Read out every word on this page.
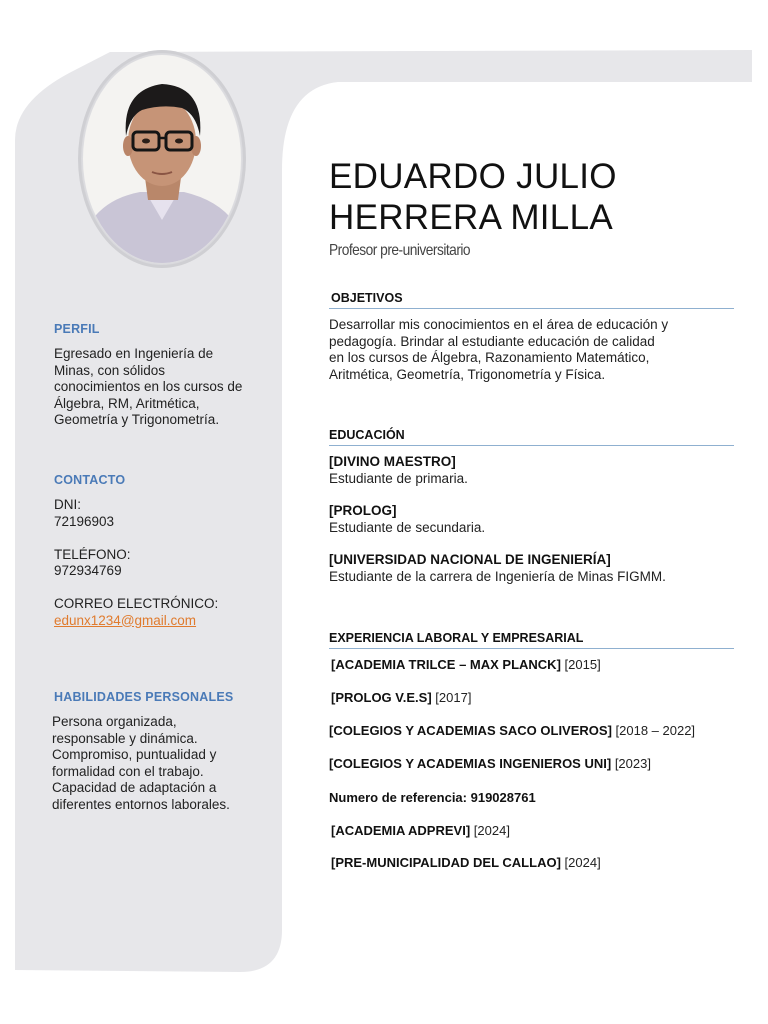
PERFIL

Egresado en Ingeniería de

Minas, con sólidos

conocimientos en los cursos de

Álgebra, RM, Aritmética,

Geometría y Trigonometría.

CONTACTO

DNI:

72196903

TELÉFONO:

972934769

CORREO ELECTRÓNICO:

edunx1234@gmail.com

HABILIDADES PERSONALES

Persona organizada,

responsable y dinámica.

Compromiso, puntualidad y

formalidad con el trabajo.

Capacidad de adaptación a

diferentes entornos laborales.

EDUARDO JULIO
HERRERA MILLA
Profesor pre-universitario
OBJETIVOS
Desarrollar mis conocimientos en el área de educación y
pedagogía. Brindar al estudiante educación de calidad
en los cursos de Álgebra, Razonamiento Matemático,
Aritmética, Geometría, Trigonometría y Física.
EDUCACIÓN
[DIVINO MAESTRO]
Estudiante de primaria.
[PROLOG]
Estudiante de secundaria.
[UNIVERSIDAD NACIONAL DE INGENIERÍA]
Estudiante de la carrera de Ingeniería de Minas FIGMM.
EXPERIENCIA LABORAL Y EMPRESARIAL
[ACADEMIA TRILCE – MAX PLANCK] [2015]
[PROLOG V.E.S] [2017]
[COLEGIOS Y ACADEMIAS SACO OLIVEROS] [2018 – 2022]
[COLEGIOS Y ACADEMIAS INGENIEROS UNI] [2023]
Numero de referencia: 919028761
[ACADEMIA ADPREVI] [2024]
[PRE-MUNICIPALIDAD DEL CALLAO] [2024]
